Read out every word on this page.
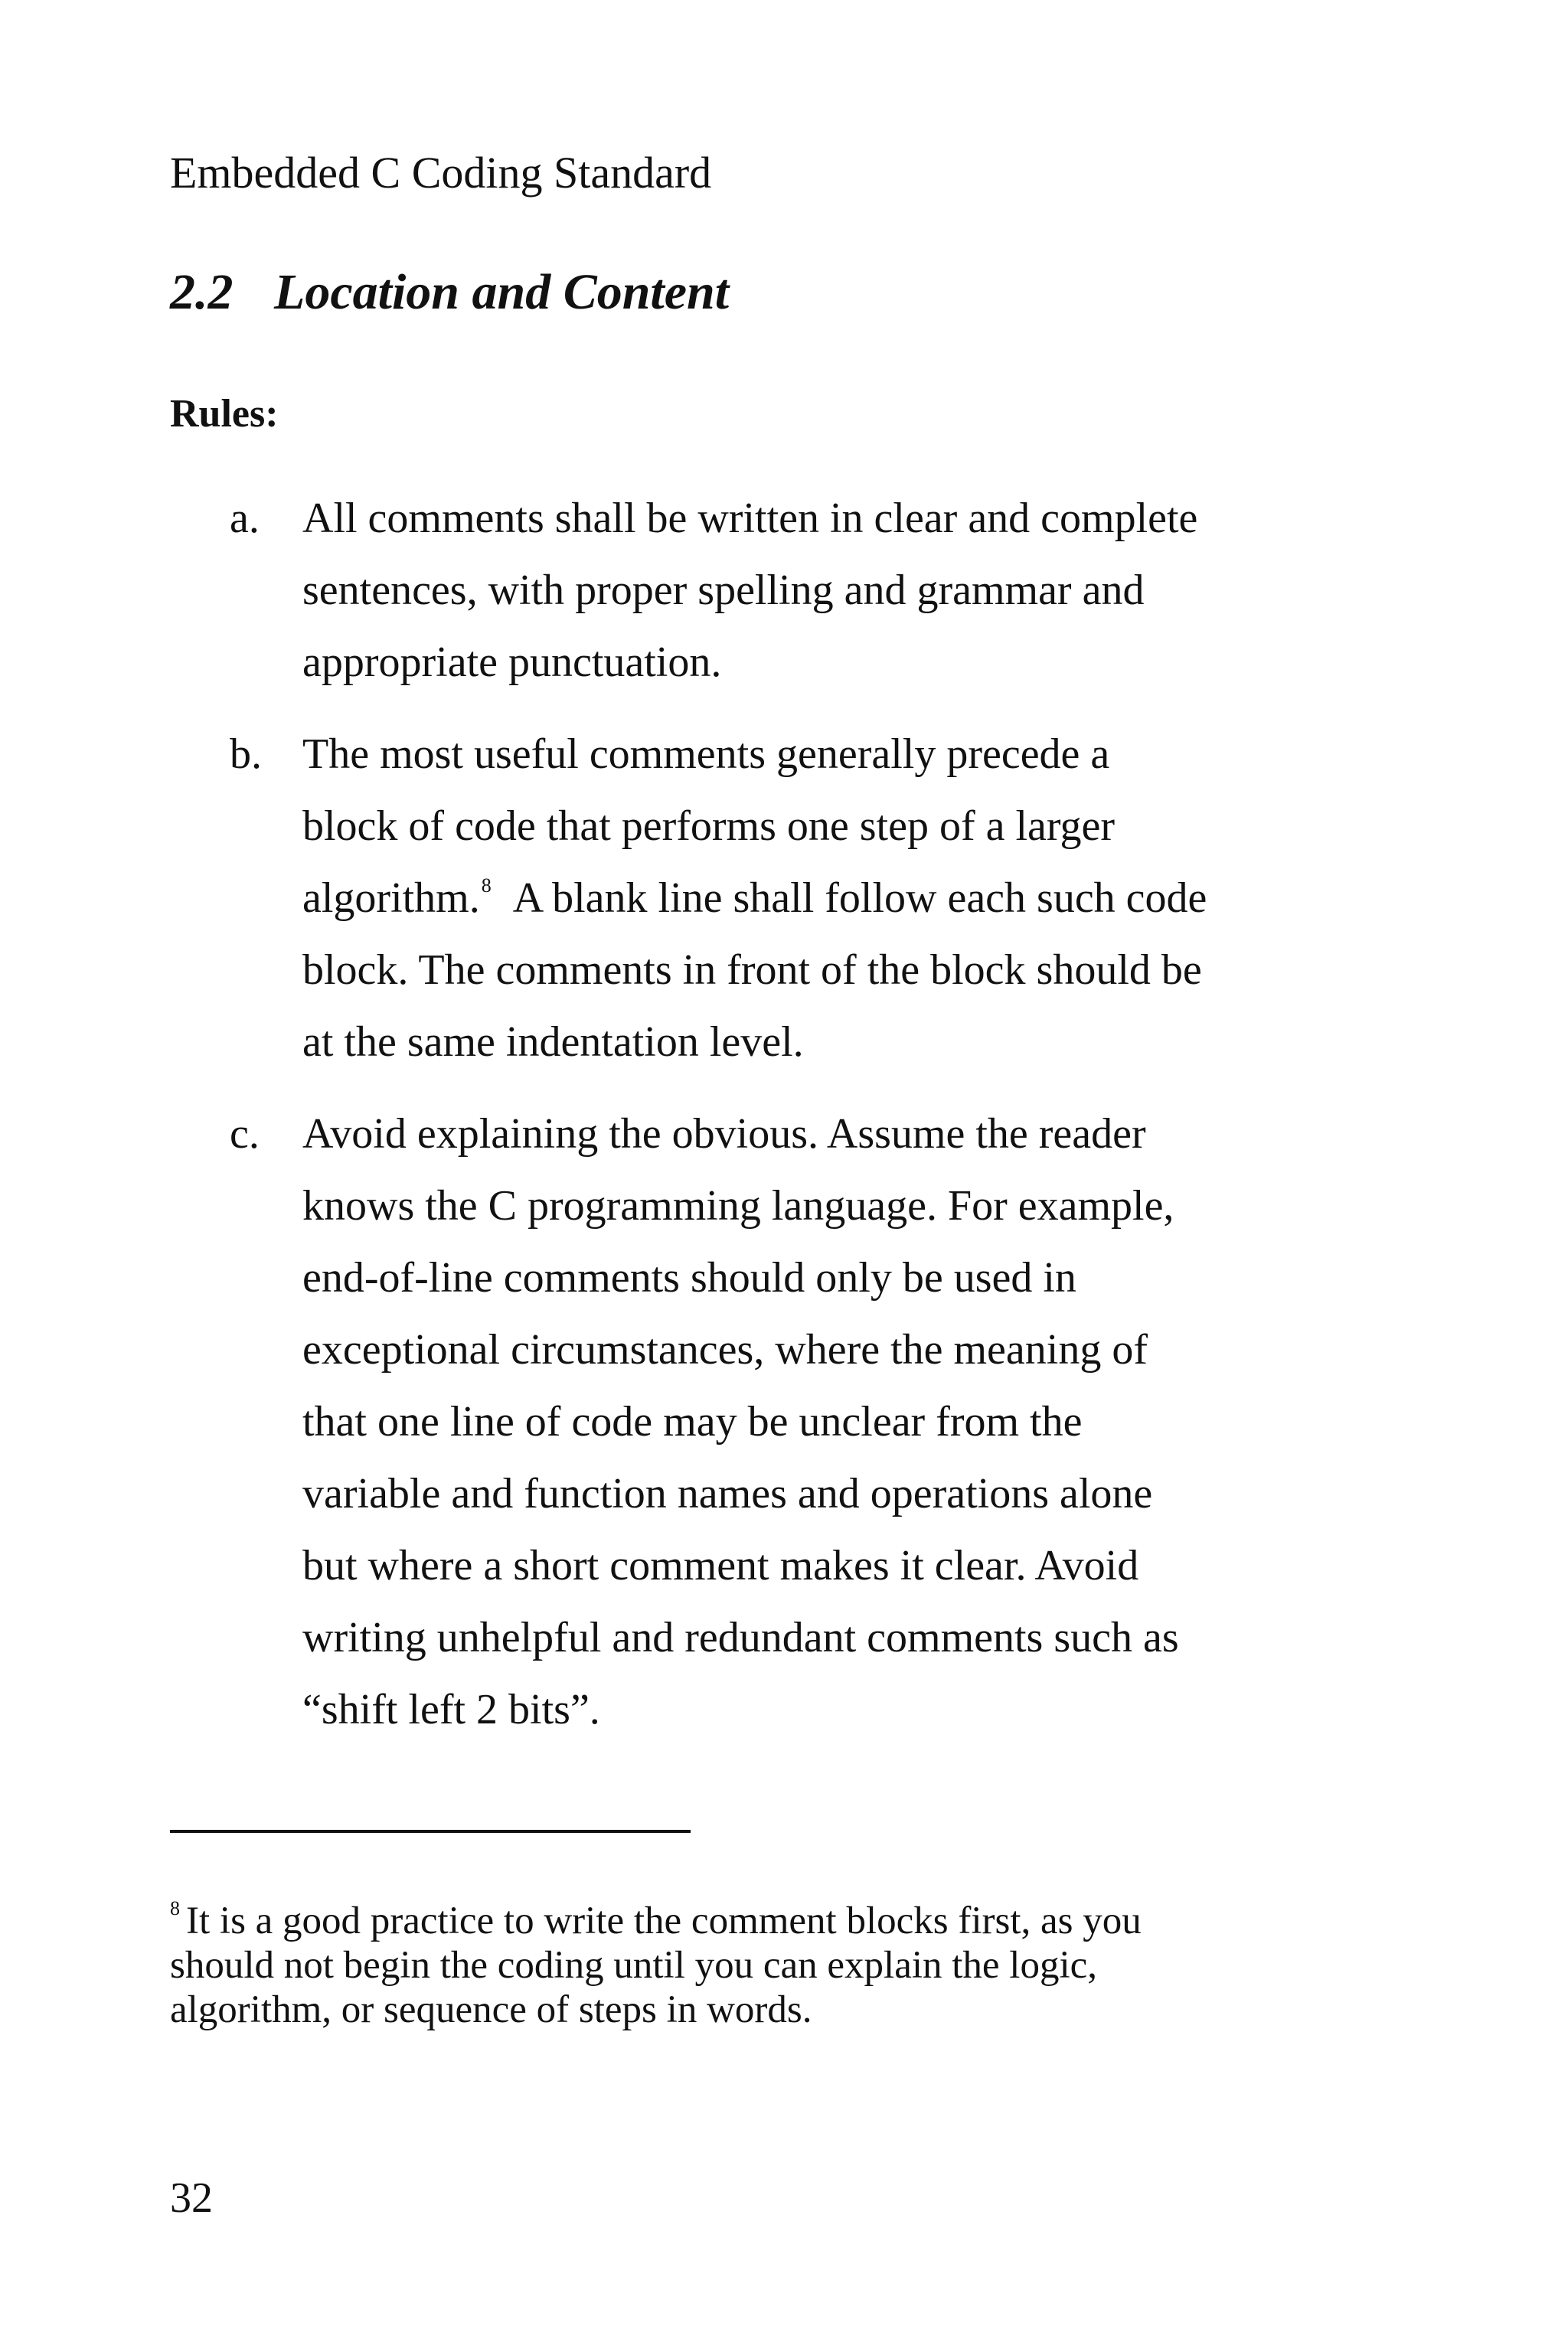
Embedded C Coding Standard
2.2 Location and Content
Rules:
a. All comments shall be written in clear and complete
sentences, with proper spelling and grammar and
appropriate punctuation.
b. The most useful comments generally precede a
block of code that performs one step of a larger
algorithm.$^8$ A blank line shall follow each such code
block. The comments in front of the block should be
at the same indentation level.
c. Avoid explaining the obvious. Assume the reader
knows the C programming language. For example,
end-of-line comments should only be used in
exceptional circumstances, where the meaning of
that one line of code may be unclear from the
variable and function names and operations alone
but where a short comment makes it clear. Avoid
writing unhelpful and redundant comments such as
“shift left 2 bits”.
$^8$ It is a good practice to write the comment blocks first, as you
should not begin the coding until you can explain the logic,
algorithm, or sequence of steps in words.
32
